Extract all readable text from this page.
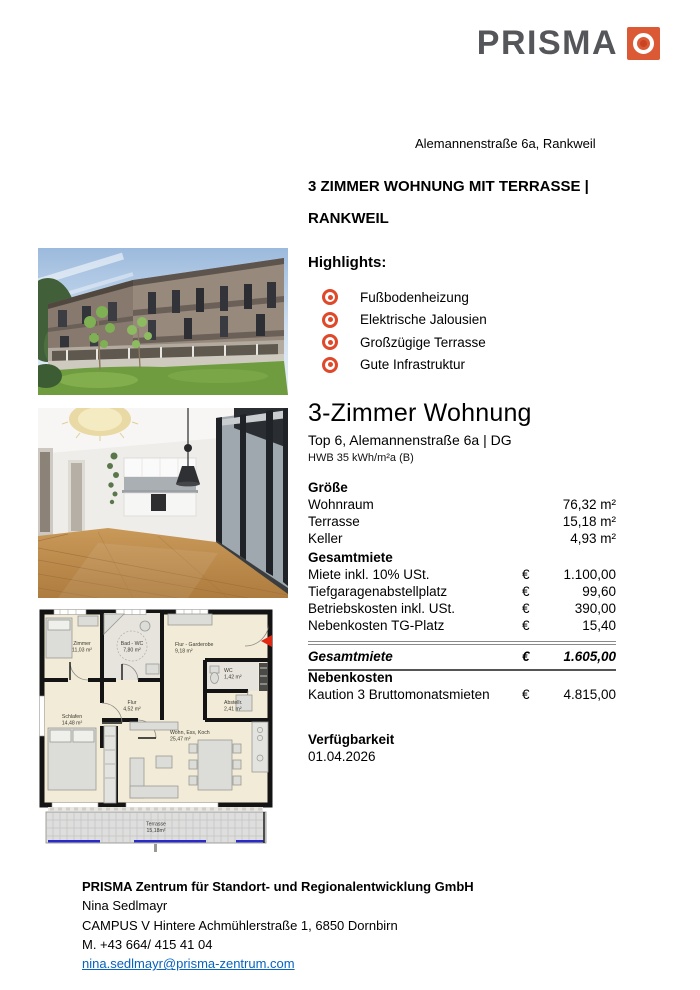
PRISMA
Alemannenstraße 6a, Rankweil
3 ZIMMER WOHNUNG MIT TERRASSE |
RANKWEIL
Highlights:
Fußbodenheizung
Elektrische Jalousien
Großzügige Terrasse
Gute Infrastruktur
3-Zimmer Wohnung
Top 6, Alemannenstraße 6a | DG
HWB 35 kWh/m²a (B)
Größe
Wohnraum	76,32 m²
Terrasse	15,18 m²
Keller	4,93 m²
Gesamtmiete
Miete inkl. 10% USt.	€	1.100,00
Tiefgaragenabstellplatz	€	99,60
Betriebskosten inkl. USt.	€	390,00
Nebenkosten TG-Platz	€	15,40
Gesamtmiete	€	1.605,00
Zimmer
11,03 m²
Bad - WC
7,80 m²
Flur
4,52 m²
Schlafen
14,48 m²
Terrasse
15,18m²
Flur - Garderobe
9,18 m²
WC
1,42 m²
Abstellr.
2,41 m²
Wohn, Ess, Koch
25,47 m²
Nebenkosten
Kaution 3 Bruttomonatsmieten	€	4.815,00
Verfügbarkeit
01.04.2026
PRISMA Zentrum für Standort- und Regionalentwicklung GmbH
Nina Sedlmayr
CAMPUS V Hintere Achmühlerstraße 1, 6850 Dornbirn
M. +43 664/ 415 41 04
nina.sedlmayr@prisma-zentrum.com
